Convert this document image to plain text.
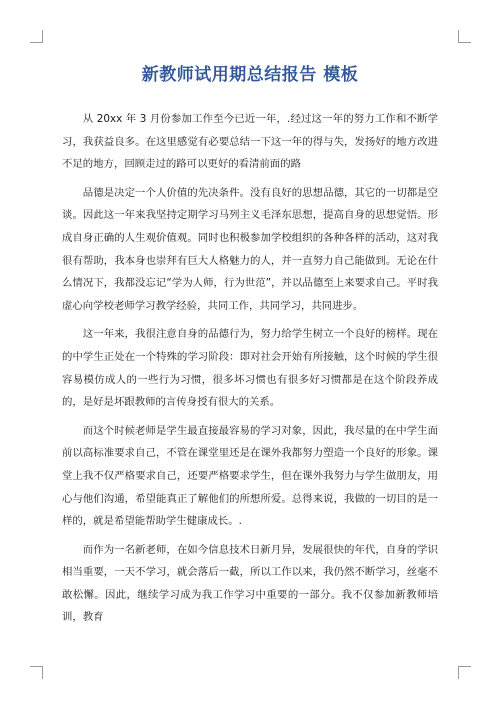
新教师试用期总结报告 模板

从 20xx 年 3 月份参加工作至今已近一年，.经过这一年的努力工作和不断学习，我获益良多。在这里感觉有必要总结一下这一年的得与失，发扬好的地方改进不足的地方，回顾走过的路可以更好的看清前面的路

品德是决定一个人价值的先决条件。没有良好的思想品德，其它的一切都是空谈。因此这一年来我坚持定期学习马列主义毛泽东思想，提高自身的思想觉悟。形成自身正确的人生观价值观。同时也积极参加学校组织的各种各样的活动，这对我很有帮助，我本身也崇拜有巨大人格魅力的人，并一直努力自己能做到。无论在什么情况下，我都没忘记“学为人师，行为世范”，并以品德至上来要求自己。平时我虚心向学校老师学习教学经验，共同工作，共同学习，共同进步。

这一年来，我很注意自身的品德行为，努力给学生树立一个良好的榜样。现在的中学生正处在一个特殊的学习阶段：即对社会开始有所接触，这个时候的学生很容易模仿成人的一些行为习惯，很多坏习惯也有很多好习惯都是在这个阶段养成的，是好是坏跟教师的言传身授有很大的关系。

而这个时候老师是学生最直接最容易的学习对象，因此，我尽量的在中学生面前以高标准要求自己，不管在课堂里还是在课外我都努力塑造一个良好的形象。课堂上我不仅严格要求自己，还要严格要求学生，但在课外我努力与学生做朋友，用心与他们沟通，希望能真正了解他们的所想所爱。总得来说，我做的一切目的是一样的，就是希望能帮助学生健康成长。.

而作为一名新老师，在如今信息技术日新月异，发展很快的年代，自身的学识相当重要，一天不学习，就会落后一截，所以工作以来，我仍然不断学习，丝毫不敢松懈。因此，继续学习成为我工作学习中重要的一部分。我不仅参加新教师培训，教育
